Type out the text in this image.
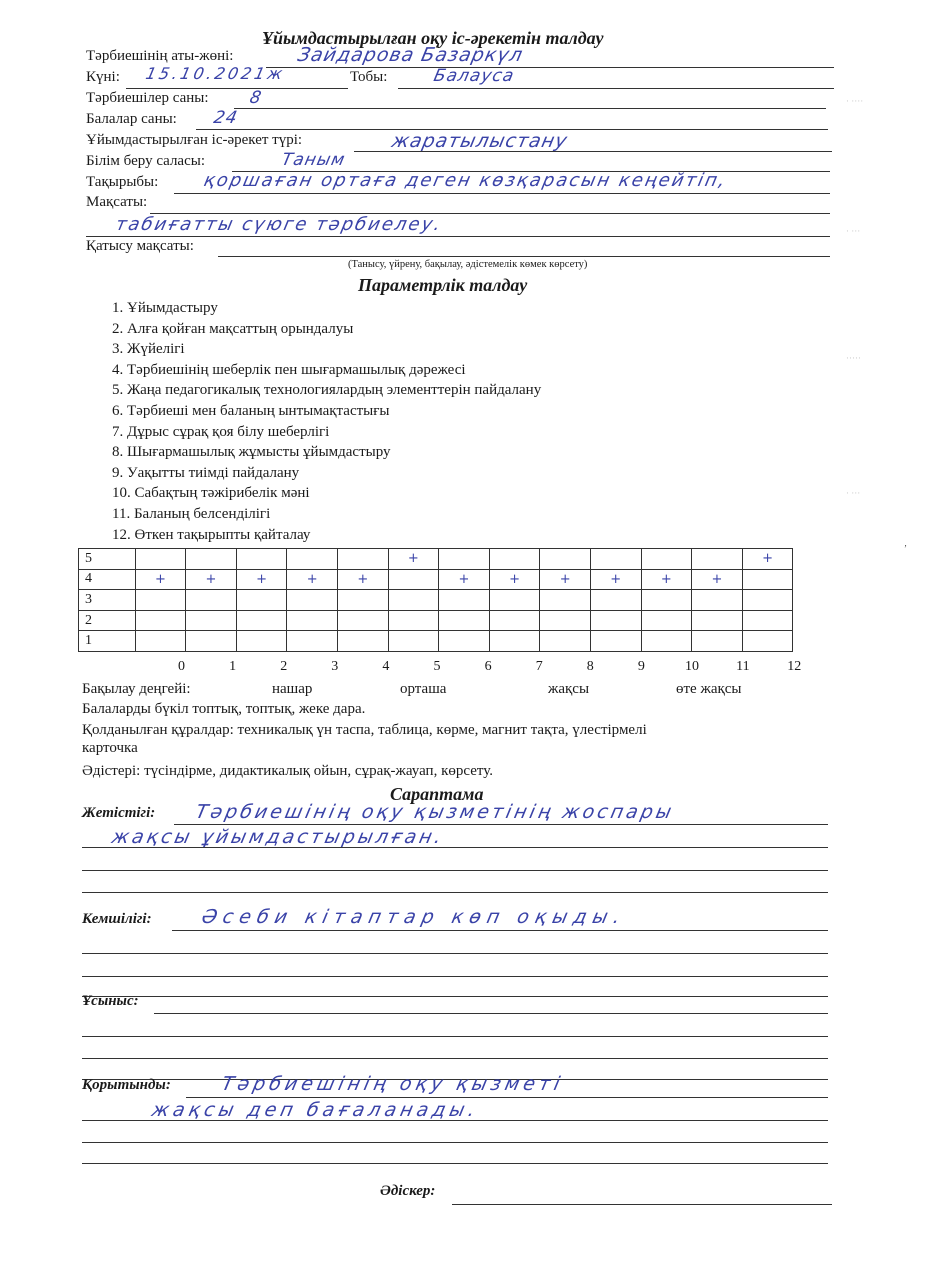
Ұйымдастырылған оқу іс-әрекетін талдау
Тәрбиешінің аты-жөні:	Зайдарова Базаркүл
Күні: 15.10.2021ж	Тобы:	Балауса
Тәрбиешілер саны: 8
Балалар саны: 24
Ұйымдастырылған іс-әрекет түрі:	жаратылыстану
Білім беру саласы:	Таным
Тақырыбы: қоршаған ортаға деген көзқарасын кеңейтіп,
Мақсаты:
табиғатты сүюге тәрбиелеу.
Қатысу мақсаты:
(Танысу, үйрену, бақылау, әдістемелік көмек көрсету)
Параметрлік талдау
1. Ұйымдастыру
2. Алға қойған мақсаттың орындалуы
3. Жүйелігі
4. Тәрбиешінің шеберлік пен шығармашылық дәрежесі
5. Жаңа педагогикалық технологиялардың элементтерін пайдалану
6. Тәрбиеші мен баланың ынтымақтастығы
7. Дұрыс сұрақ қоя білу шеберлігі
8. Шығармашылық жұмысты ұйымдастыру
9. Уақытты тиімді пайдалану
10. Сабақтың тәжірибелік мәні
11. Баланың белсенділігі
12. Өткен тақырыпты қайталау
5						+							+
4	+	+	+	+	+		+	+	+	+	+	+	
3													
2													
1													
0	1	2	3	4	5	6	7	8	9	10	11	12
Бақылау деңгейі:	нашар	орташа	жақсы	өте жақсы
Балаларды бүкіл топтық, топтық, жеке дара.
Қолданылған құралдар: техникалық үн таспа, таблица, көрме, магнит тақта, үлестірмелі
карточка
Әдістері: түсіндірме, дидактикалық ойын, сұрақ-жауап, көрсету.
Сараптама
Жетістігі: Тәрбиешінің оқу қызметінің жоспары
жақсы ұйымдастырылған.
Кемшілігі:	Әсеби кітаптар көп оқыды.
Ұсыныс:
Қорытынды:	Тәрбиешінің оқу қызметі
жақсы деп бағаланады.
Әдіскер:
· ····
· ···
·····
· ···
‚
